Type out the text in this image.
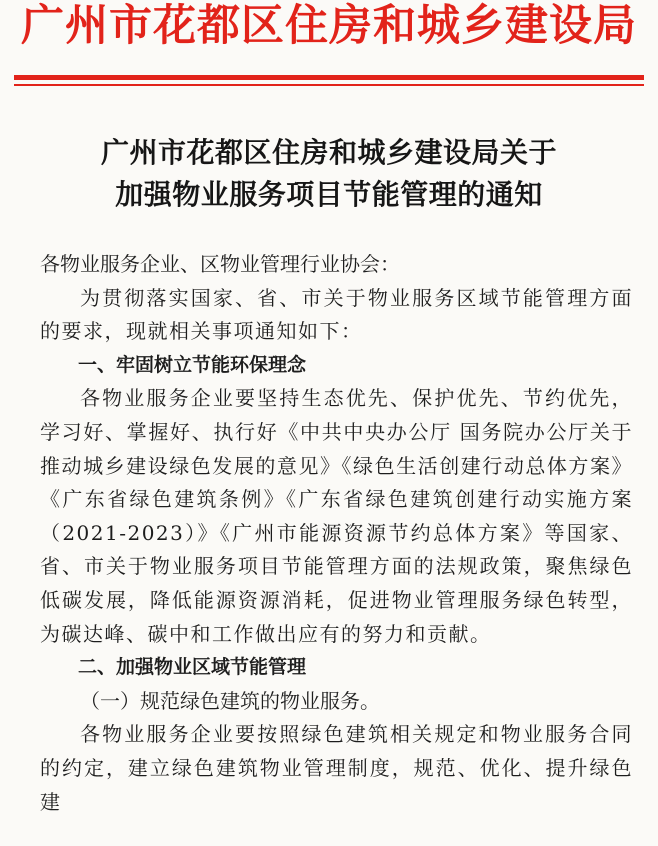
广州市花都区住房和城乡建设局
广州市花都区住房和城乡建设局关于
加强物业服务项目节能管理的通知

各物业服务企业、区物业管理行业协会：

为贯彻落实国家、省、市关于物业服务区域节能管理方面的要求，现就相关事项通知如下：

一、牢固树立节能环保理念

各物业服务企业要坚持生态优先、保护优先、节约优先，学习好、掌握好、执行好《中共中央办公厅 国务院办公厅关于推动城乡建设绿色发展的意见》《绿色生活创建行动总体方案》《广东省绿色建筑条例》《广东省绿色建筑创建行动实施方案（2021-2023）》《广州市能源资源节约总体方案》等国家、省、市关于物业服务项目节能管理方面的法规政策，聚焦绿色低碳发展，降低能源资源消耗，促进物业管理服务绿色转型，为碳达峰、碳中和工作做出应有的努力和贡献。

二、加强物业区域节能管理

（一）规范绿色建筑的物业服务。

各物业服务企业要按照绿色建筑相关规定和物业服务合同的约定，建立绿色建筑物业管理制度，规范、优化、提升绿色建
